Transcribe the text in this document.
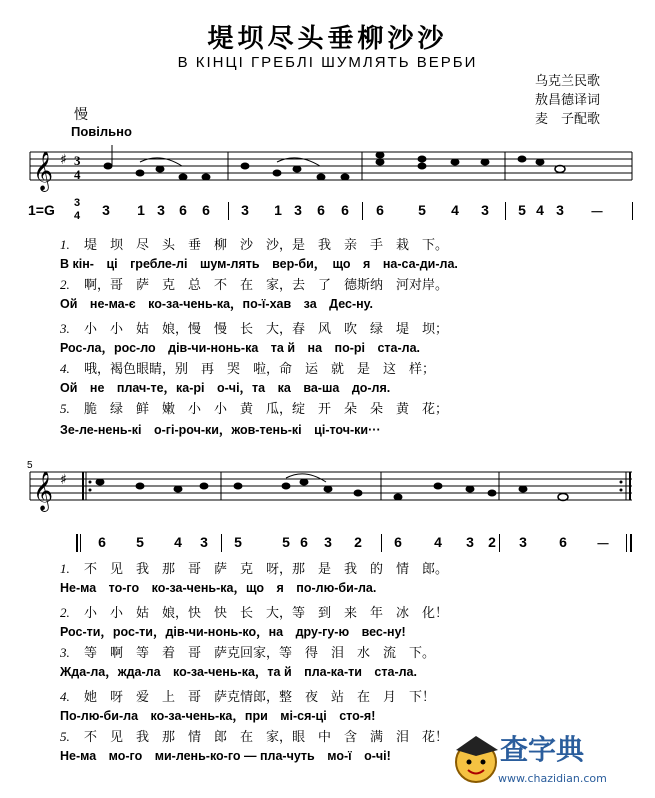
堤坝尽头垂柳沙沙
В КІНЦІ ГРЕБЛІ ШУМЛЯТЬ ВЕРБИ
乌克兰民歌
敖昌德译词
麦　子配歌
慢
Повільно
𝄞 ♯ 3
4
1=G	3
4 3 1 3 6 6 3 1 3 6 6 6 5 4 3 5 4 3 －
1. 堤　坝　尽　头　垂　柳　沙　沙，是　我　亲　手　栽　下。
В кін-　ці　гребле-лі　шум-лять　вер-би，　що　я　на-са-ди-ла.
2. 啊，哥　萨　克　总　不　在　家，去　了　德斯纳　河对岸。
Ой　не-ма-є　ко-за-чень-ка，по-ї-хав　за　Дес-ну.
3. 小　小　姑　娘，慢　慢　长　大，春　风　吹　绿　堤　坝；
Рос-ла，рос-ло　дів-чи-нонь-ка　та й　на　по-рі　ста-ла.
4. 哦，褐色眼睛，别　再　哭　啦，命　运　就　是　这　样；
Ой　не　плач-те，ка-рі　о-чі，та　ка　ва-ша　до-ля.
5. 脆　绿　鲜　嫩　小　小　黄　瓜，绽　开　朵　朵　黄　花；
Зе-ле-нень-кі　о-гі-роч-ки，жов-тень-кі　ці-точ-ки···
5
𝄞 ♯
6 5 4 3 5	5 6 3 2 6 4 3 2 3 6 －
1. 不　见　我　那　哥　萨　克　呀，那　是　我　的　情　郎。
Не-ма　то-го　ко-за-чень-ка，що　я　по-лю-би-ла.
2. 小　小　姑　娘，快　快　长　大，等　到　来　年　冰　化！
Рос-ти，рос-ти，дів-чи-нонь-ко，на　дру-гу-ю　вес-ну!
3. 等　啊　等　着　哥　萨克回家，等　得　泪　水　流　下。
Жда-ла，жда-ла　ко-за-чень-ка，та й　пла-ка-ти　ста-ла.
4. 她　呀　爱　上　哥　萨克情郎，整　夜　站　在　月　下！
По-лю-би-ла　ко-за-чень-ка，при　мі-ся-ці　сто-я!
5. 不　见　我　那　情　郎　在　家，眼　中　含　满　泪　花！
Не-ма　мо-го　ми-лень-ко-го — пла-чуть　мо-ї　о-чі!	查字典
www.chazidian.com
